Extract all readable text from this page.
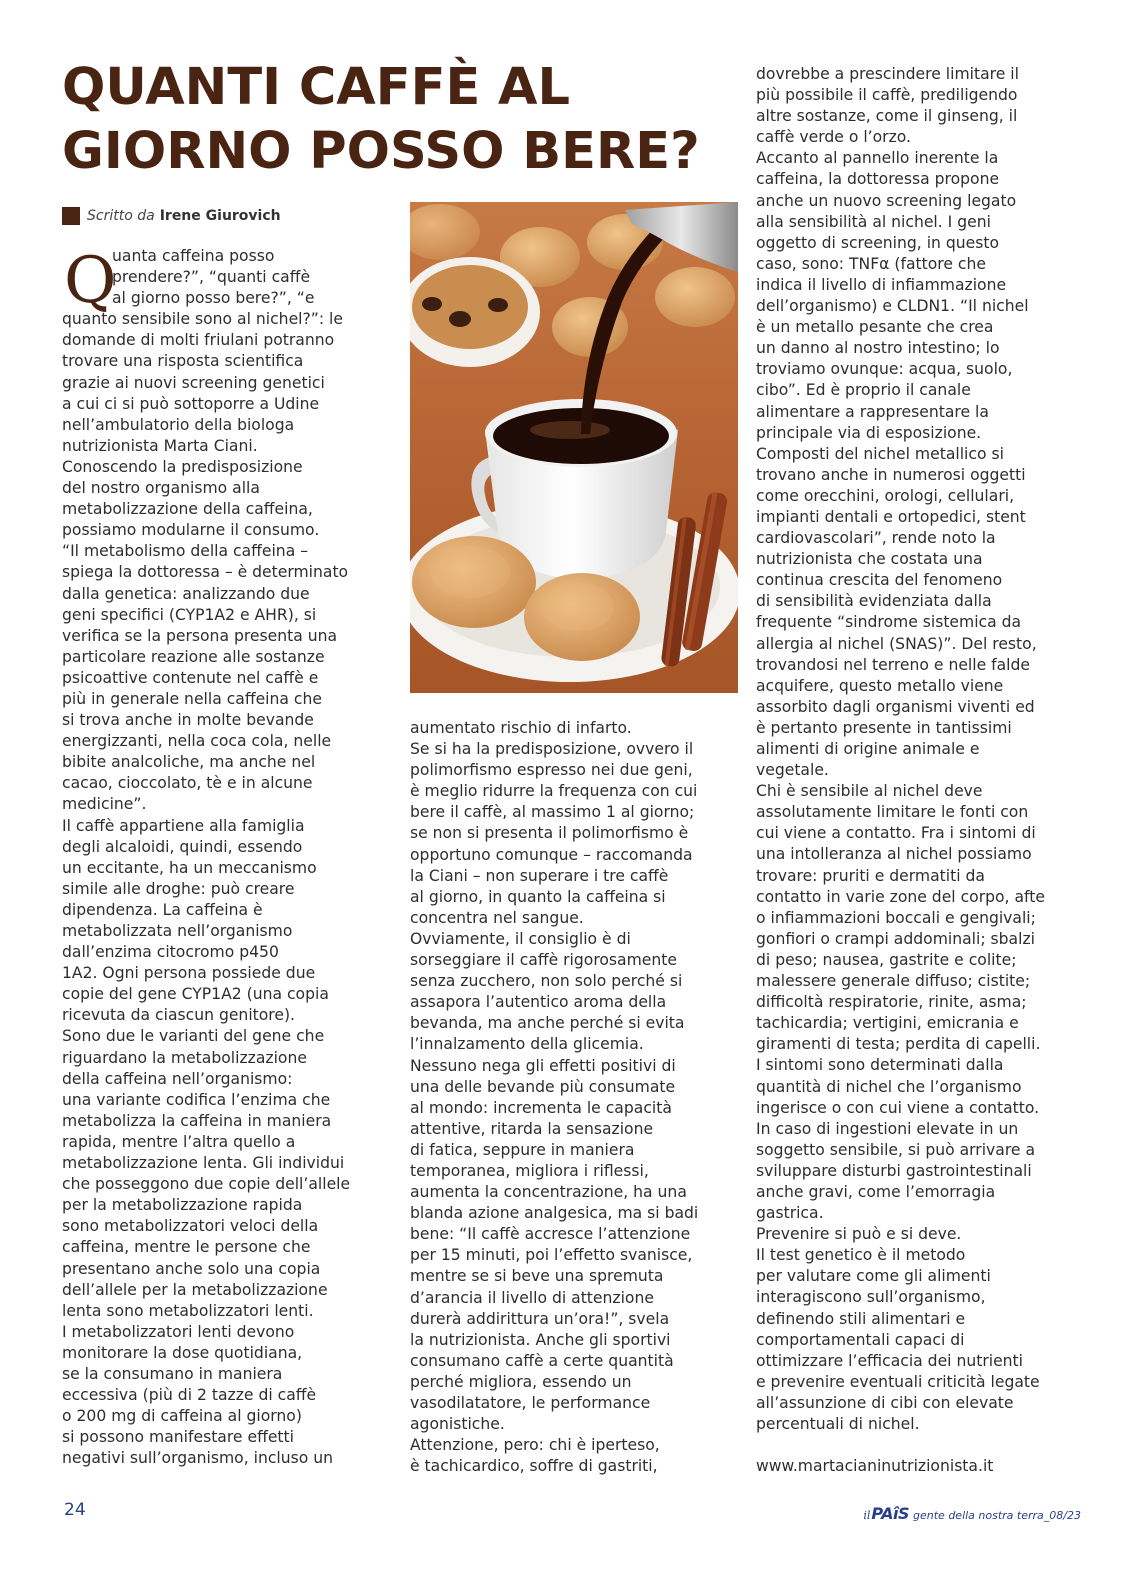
QUANTI CAFFÈ AL GIORNO POSSO BERE?
Scritto da Irene Giurovich
Q
uanta caffeina posso
prendere?”, “quanti caffè
al giorno posso bere?”, “e
quanto sensibile sono al nichel?”: le
domande di molti friulani potranno
trovare una risposta scientifica
grazie ai nuovi screening genetici
a cui ci si può sottoporre a Udine
nell’ambulatorio della biologa
nutrizionista Marta Ciani.
Conoscendo la predisposizione
del nostro organismo alla
metabolizzazione della caffeina,
possiamo modularne il consumo.
“Il metabolismo della caffeina –
spiega la dottoressa – è determinato
dalla genetica: analizzando due
geni specifici (CYP1A2 e AHR), si
verifica se la persona presenta una
particolare reazione alle sostanze
psicoattive contenute nel caffè e
più in generale nella caffeina che
si trova anche in molte bevande
energizzanti, nella coca cola, nelle
bibite analcoliche, ma anche nel
cacao, cioccolato, tè e in alcune
medicine”.
Il caffè appartiene alla famiglia
degli alcaloidi, quindi, essendo
un eccitante, ha un meccanismo
simile alle droghe: può creare
dipendenza. La caffeina è
metabolizzata nell’organismo
dall’enzima citocromo p450
1A2. Ogni persona possiede due
copie del gene CYP1A2 (una copia
ricevuta da ciascun genitore).
Sono due le varianti del gene che
riguardano la metabolizzazione
della caffeina nell’organismo:
una variante codifica l’enzima che
metabolizza la caffeina in maniera
rapida, mentre l’altra quello a
metabolizzazione lenta. Gli individui
che posseggono due copie dell’allele
per la metabolizzazione rapida
sono metabolizzatori veloci della
caffeina, mentre le persone che
presentano anche solo una copia
dell’allele per la metabolizzazione
lenta sono metabolizzatori lenti.
I metabolizzatori lenti devono
monitorare la dose quotidiana,
se la consumano in maniera
eccessiva (più di 2 tazze di caffè
o 200 mg di caffeina al giorno)
si possono manifestare effetti
negativi sull’organismo, incluso un
aumentato rischio di infarto.
Se si ha la predisposizione, ovvero il
polimorfismo espresso nei due geni,
è meglio ridurre la frequenza con cui
bere il caffè, al massimo 1 al giorno;
se non si presenta il polimorfismo è
opportuno comunque – raccomanda
la Ciani – non superare i tre caffè
al giorno, in quanto la caffeina si
concentra nel sangue.
Ovviamente, il consiglio è di
sorseggiare il caffè rigorosamente
senza zucchero, non solo perché si
assapora l’autentico aroma della
bevanda, ma anche perché si evita
l’innalzamento della glicemia.
Nessuno nega gli effetti positivi di
una delle bevande più consumate
al mondo: incrementa le capacità
attentive, ritarda la sensazione
di fatica, seppure in maniera
temporanea, migliora i riflessi,
aumenta la concentrazione, ha una
blanda azione analgesica, ma si badi
bene: “Il caffè accresce l’attenzione
per 15 minuti, poi l’effetto svanisce,
mentre se si beve una spremuta
d’arancia il livello di attenzione
durerà addirittura un’ora!”, svela
la nutrizionista. Anche gli sportivi
consumano caffè a certe quantità
perché migliora, essendo un
vasodilatatore, le performance
agonistiche.
Attenzione, pero: chi è iperteso,
è tachicardico, soffre di gastriti,
dovrebbe a prescindere limitare il
più possibile il caffè, prediligendo
altre sostanze, come il ginseng, il
caffè verde o l’orzo.
Accanto al pannello inerente la
caffeina, la dottoressa propone
anche un nuovo screening legato
alla sensibilità al nichel. I geni
oggetto di screening, in questo
caso, sono: TNFα (fattore che
indica il livello di infiammazione
dell’organismo) e CLDN1. “Il nichel
è un metallo pesante che crea
un danno al nostro intestino; lo
troviamo ovunque: acqua, suolo,
cibo”. Ed è proprio il canale
alimentare a rappresentare la
principale via di esposizione.
Composti del nichel metallico si
trovano anche in numerosi oggetti
come orecchini, orologi, cellulari,
impianti dentali e ortopedici, stent
cardiovascolari”, rende noto la
nutrizionista che costata una
continua crescita del fenomeno
di sensibilità evidenziata dalla
frequente “sindrome sistemica da
allergia al nichel (SNAS)”. Del resto,
trovandosi nel terreno e nelle falde
acquifere, questo metallo viene
assorbito dagli organismi viventi ed
è pertanto presente in tantissimi
alimenti di origine animale e
vegetale.
Chi è sensibile al nichel deve
assolutamente limitare le fonti con
cui viene a contatto. Fra i sintomi di
una intolleranza al nichel possiamo
trovare: pruriti e dermatiti da
contatto in varie zone del corpo, afte
o infiammazioni boccali e gengivali;
gonfiori o crampi addominali; sbalzi
di peso; nausea, gastrite e colite;
malessere generale diffuso; cistite;
difficoltà respiratorie, rinite, asma;
tachicardia; vertigini, emicrania e
giramenti di testa; perdita di capelli.
I sintomi sono determinati dalla
quantità di nichel che l’organismo
ingerisce o con cui viene a contatto.
In caso di ingestioni elevate in un
soggetto sensibile, si può arrivare a
sviluppare disturbi gastrointestinali
anche gravi, come l’emorragia
gastrica.
Prevenire si può e si deve.
Il test genetico è il metodo
per valutare come gli alimenti
interagiscono sull’organismo,
definendo stili alimentari e
comportamentali capaci di
ottimizzare l’efficacia dei nutrienti
e prevenire eventuali criticità legate
all’assunzione di cibi con elevate
percentuali di nichel.
www.martacianinutrizionista.it
24	il PAîS gente della nostra terra_08/23
